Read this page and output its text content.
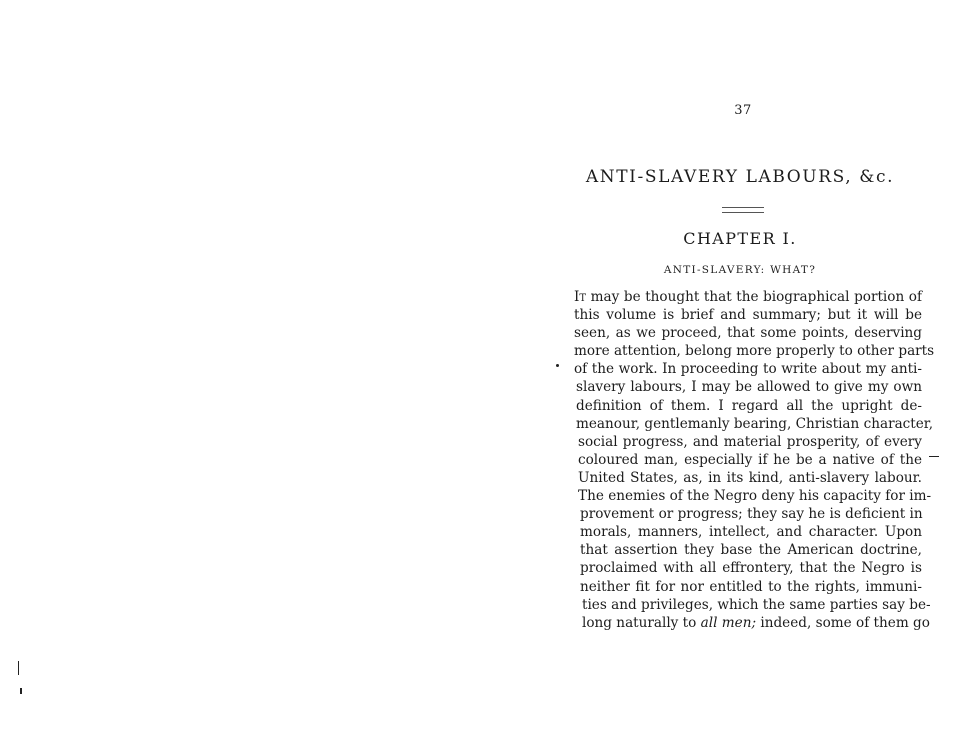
37
ANTI-SLAVERY LABOURS, &c.
CHAPTER I.
ANTI-SLAVERY: WHAT?

It may be thought that the biographical portion of
this volume is brief and summary; but it will be
seen, as we proceed, that some points, deserving
more attention, belong more properly to other parts
of the work. In proceeding to write about my anti-
slavery labours, I may be allowed to give my own
definition of them. I regard all the upright de-
meanour, gentlemanly bearing, Christian character,
social progress, and material prosperity, of every
coloured man, especially if he be a native of the
United States, as, in its kind, anti-slavery labour.
The enemies of the Negro deny his capacity for im-
provement or progress; they say he is deficient in
morals, manners, intellect, and character. Upon
that assertion they base the American doctrine,
proclaimed with all effrontery, that the Negro is
neither fit for nor entitled to the rights, immuni-
ties and privileges, which the same parties say be-
long naturally to all men; indeed, some of them go
